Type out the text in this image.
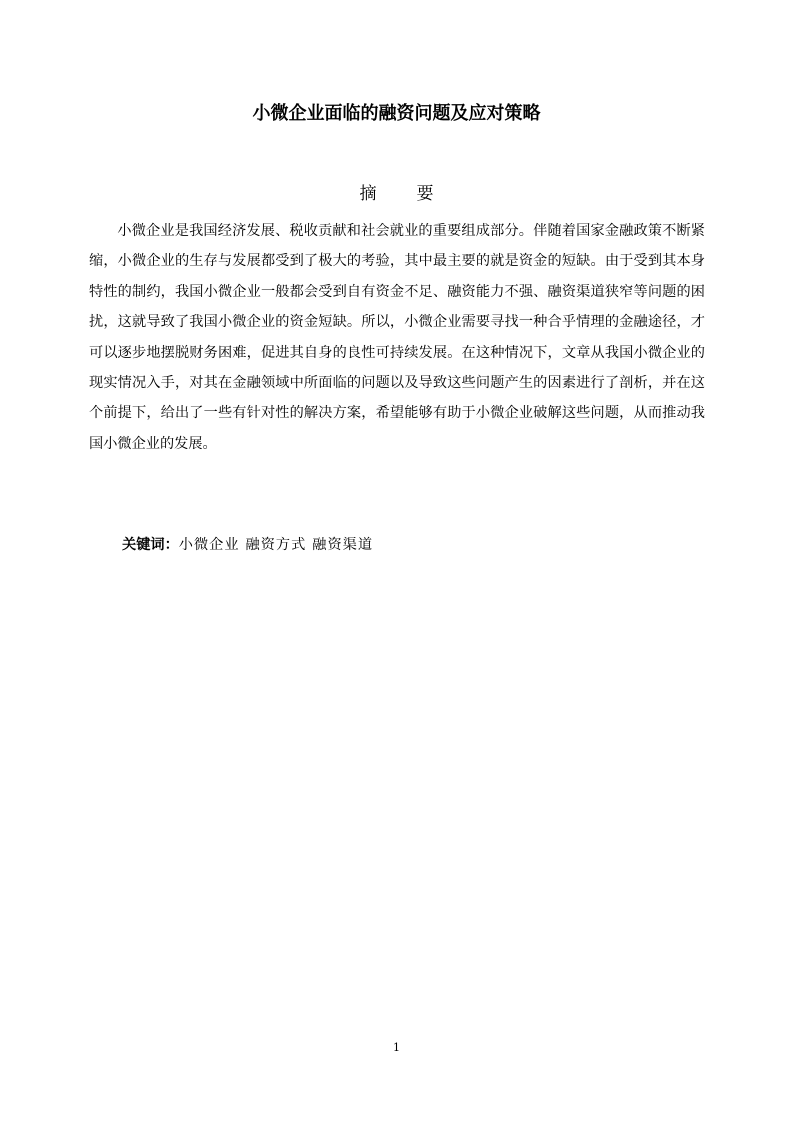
小微企业面临的融资问题及应对策略
摘 要

小微企业是我国经济发展、税收贡献和社会就业的重要组成部分。伴随着国家金融政策不断紧缩，小微企业的生存与发展都受到了极大的考验，其中最主要的就是资金的短缺。由于受到其本身特性的制约，我国小微企业一般都会受到自有资金不足、融资能力不强、融资渠道狭窄等问题的困扰，这就导致了我国小微企业的资金短缺。所以，小微企业需要寻找一种合乎情理的金融途径，才可以逐步地摆脱财务困难，促进其自身的良性可持续发展。在这种情况下，文章从我国小微企业的现实情况入手，对其在金融领域中所面临的问题以及导致这些问题产生的因素进行了剖析，并在这个前提下，给出了一些有针对性的解决方案，希望能够有助于小微企业破解这些问题，从而推动我国小微企业的发展。

关键词：小微企业 融资方式 融资渠道
1
